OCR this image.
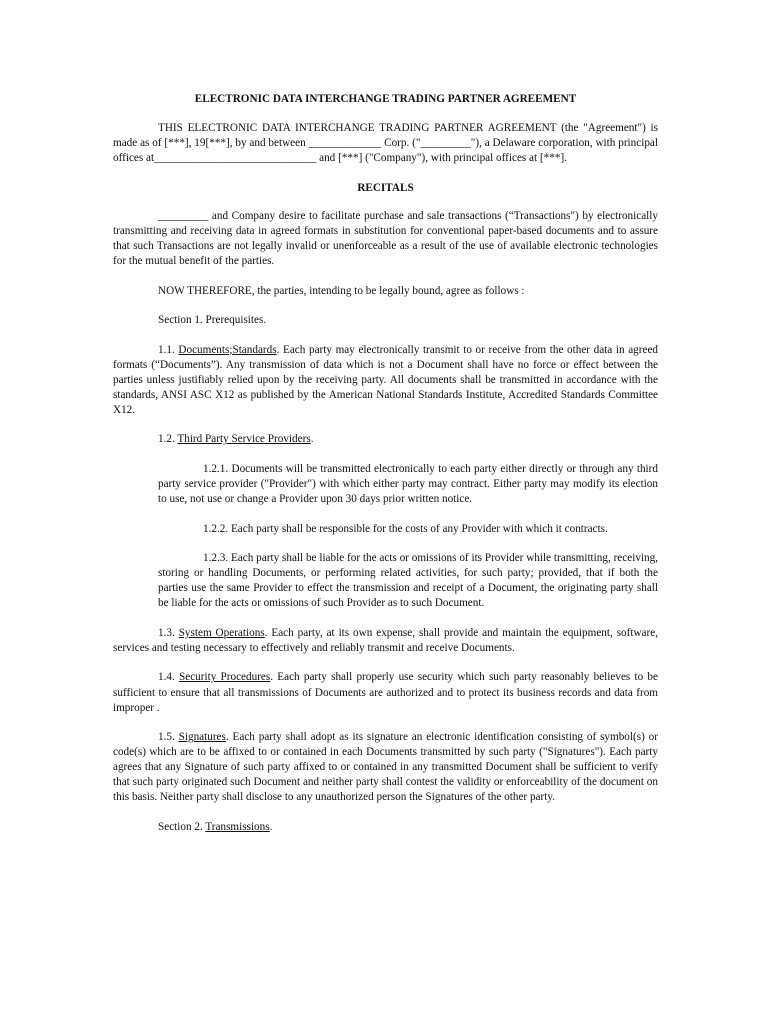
ELECTRONIC DATA INTERCHANGE TRADING PARTNER AGREEMENT

THIS ELECTRONIC DATA INTERCHANGE TRADING PARTNER AGREEMENT (the "Agreement") is made as of [***], 19[***], by and between _____________ Corp. ("_________"), a Delaware corporation, with principal offices at_____________________________ and [***] ("Company"), with principal offices at [***].

RECITALS

_________ and Company desire to facilitate purchase and sale transactions (“Transactions") by electronically transmitting and receiving data in agreed formats in substitution for conventional paper-based documents and to assure that such Transactions are not legally invalid or unenforceable as a result of the use of available electronic technologies for the mutual benefit of the parties.

NOW THEREFORE, the parties, intending to be legally bound, agree as follows :

Section 1. Prerequisites.

1.1. Documents;Standards. Each party may electronically transmit to or receive from the other data in agreed formats (“Documents”). Any transmission of data which is not a Document shall have no force or effect between the parties unless justifiably relied upon by the receiving party. All documents shall be transmitted in accordance with the standards, ANSI ASC X12 as published by the American National Standards Institute, Accredited Standards Committee X12.

1.2. Third Party Service Providers.

1.2.1. Documents will be transmitted electronically to each party either directly or through any third party service provider ("Provider") with which either party may contract. Either party may modify its election to use, not use or change a Provider upon 30 days prior written notice.

1.2.2. Each party shall be responsible for the costs of any Provider with which it contracts.

1.2.3. Each party shall be liable for the acts or omissions of its Provider while transmitting, receiving, storing or handling Documents, or performing related activities, for such party; provided, that if both the parties use the same Provider to effect the transmission and receipt of a Document, the originating party shall be liable for the acts or omissions of such Provider as to such Document.

1.3. System Operations. Each party, at its own expense, shall provide and maintain the equipment, software, services and testing necessary to effectively and reliably transmit and receive Documents.

1.4. Security Procedures. Each party shall properly use security which such party reasonably believes to be sufficient to ensure that all transmissions of Documents are authorized and to protect its business records and data from improper .

1.5. Signatures. Each party shall adopt as its signature an electronic identification consisting of symbol(s) or code(s) which are to be affixed to or contained in each Documents transmitted by such party ("Signatures"). Each party agrees that any Signature of such party affixed to or contained in any transmitted Document shall be sufficient to verify that such party originated such Document and neither party shall contest the validity or enforceability of the document on this basis. Neither party shall disclose to any unauthorized person the Signatures of the other party.

Section 2. Transmissions.
